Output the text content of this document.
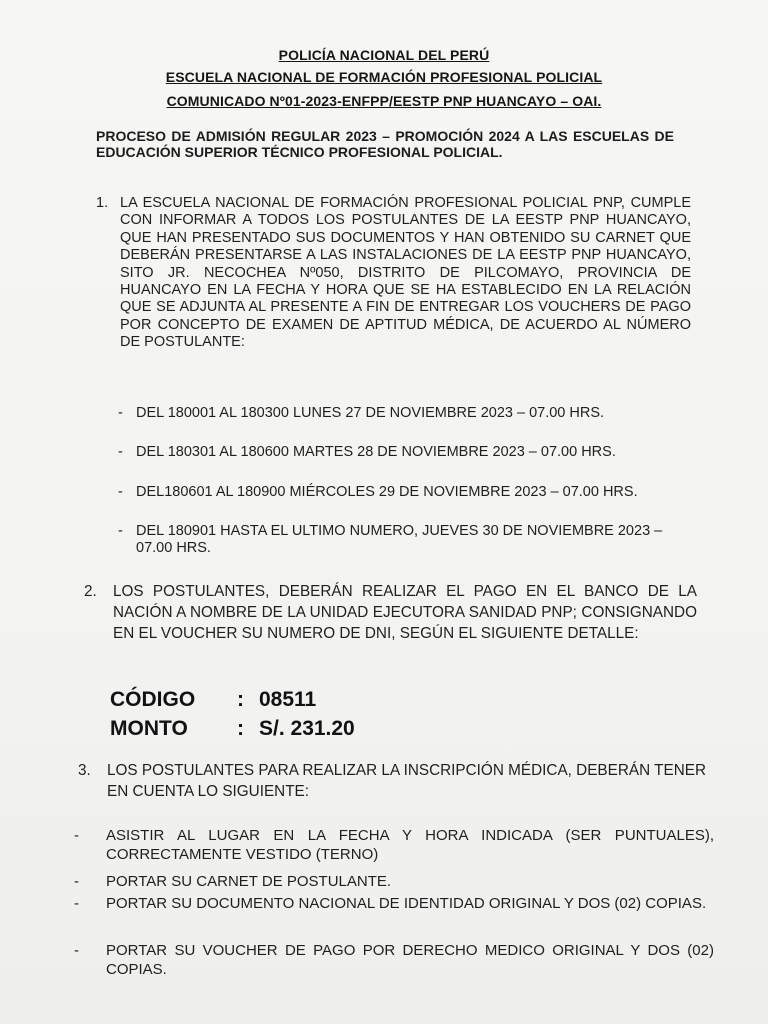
POLICÍA NACIONAL DEL PERÚ
ESCUELA NACIONAL DE FORMACIÓN PROFESIONAL POLICIAL
COMUNICADO Nº01-2023-ENFPP/EESTP PNP HUANCAYO – OAI.
PROCESO DE ADMISIÓN REGULAR 2023 – PROMOCIÓN 2024 A LAS ESCUELAS DE EDUCACIÓN SUPERIOR TÉCNICO PROFESIONAL POLICIAL.
1. LA ESCUELA NACIONAL DE FORMACIÓN PROFESIONAL POLICIAL PNP, CUMPLE CON INFORMAR A TODOS LOS POSTULANTES DE LA EESTP PNP HUANCAYO, QUE HAN PRESENTADO SUS DOCUMENTOS Y HAN OBTENIDO SU CARNET QUE DEBERÁN PRESENTARSE A LAS INSTALACIONES DE LA EESTP PNP HUANCAYO, SITO JR. NECOCHEA Nº050, DISTRITO DE PILCOMAYO, PROVINCIA DE HUANCAYO EN LA FECHA Y HORA QUE SE HA ESTABLECIDO EN LA RELACIÓN QUE SE ADJUNTA AL PRESENTE A FIN DE ENTREGAR LOS VOUCHERS DE PAGO POR CONCEPTO DE EXAMEN DE APTITUD MÉDICA, DE ACUERDO AL NÚMERO DE POSTULANTE:
- DEL 180001 AL 180300 LUNES 27 DE NOVIEMBRE 2023 – 07.00 HRS.
- DEL 180301 AL 180600 MARTES 28 DE NOVIEMBRE 2023 – 07.00 HRS.
- DEL180601 AL 180900 MIÉRCOLES 29 DE NOVIEMBRE 2023 – 07.00 HRS.
- DEL 180901 HASTA EL ULTIMO NUMERO, JUEVES 30 DE NOVIEMBRE 2023 – 07.00 HRS.
2. LOS POSTULANTES, DEBERÁN REALIZAR EL PAGO EN EL BANCO DE LA NACIÓN A NOMBRE DE LA UNIDAD EJECUTORA SANIDAD PNP; CONSIGNANDO EN EL VOUCHER SU NUMERO DE DNI, SEGÚN EL SIGUIENTE DETALLE:
CÓDIGO : 08511
MONTO : S/. 231.20
3. LOS POSTULANTES PARA REALIZAR LA INSCRIPCIÓN MÉDICA, DEBERÁN TENER EN CUENTA LO SIGUIENTE:
- ASISTIR AL LUGAR EN LA FECHA Y HORA INDICADA (SER PUNTUALES), CORRECTAMENTE VESTIDO (TERNO)
- PORTAR SU CARNET DE POSTULANTE.
- PORTAR SU DOCUMENTO NACIONAL DE IDENTIDAD ORIGINAL Y DOS (02) COPIAS.
- PORTAR SU VOUCHER DE PAGO POR DERECHO MEDICO ORIGINAL Y DOS (02) COPIAS.
